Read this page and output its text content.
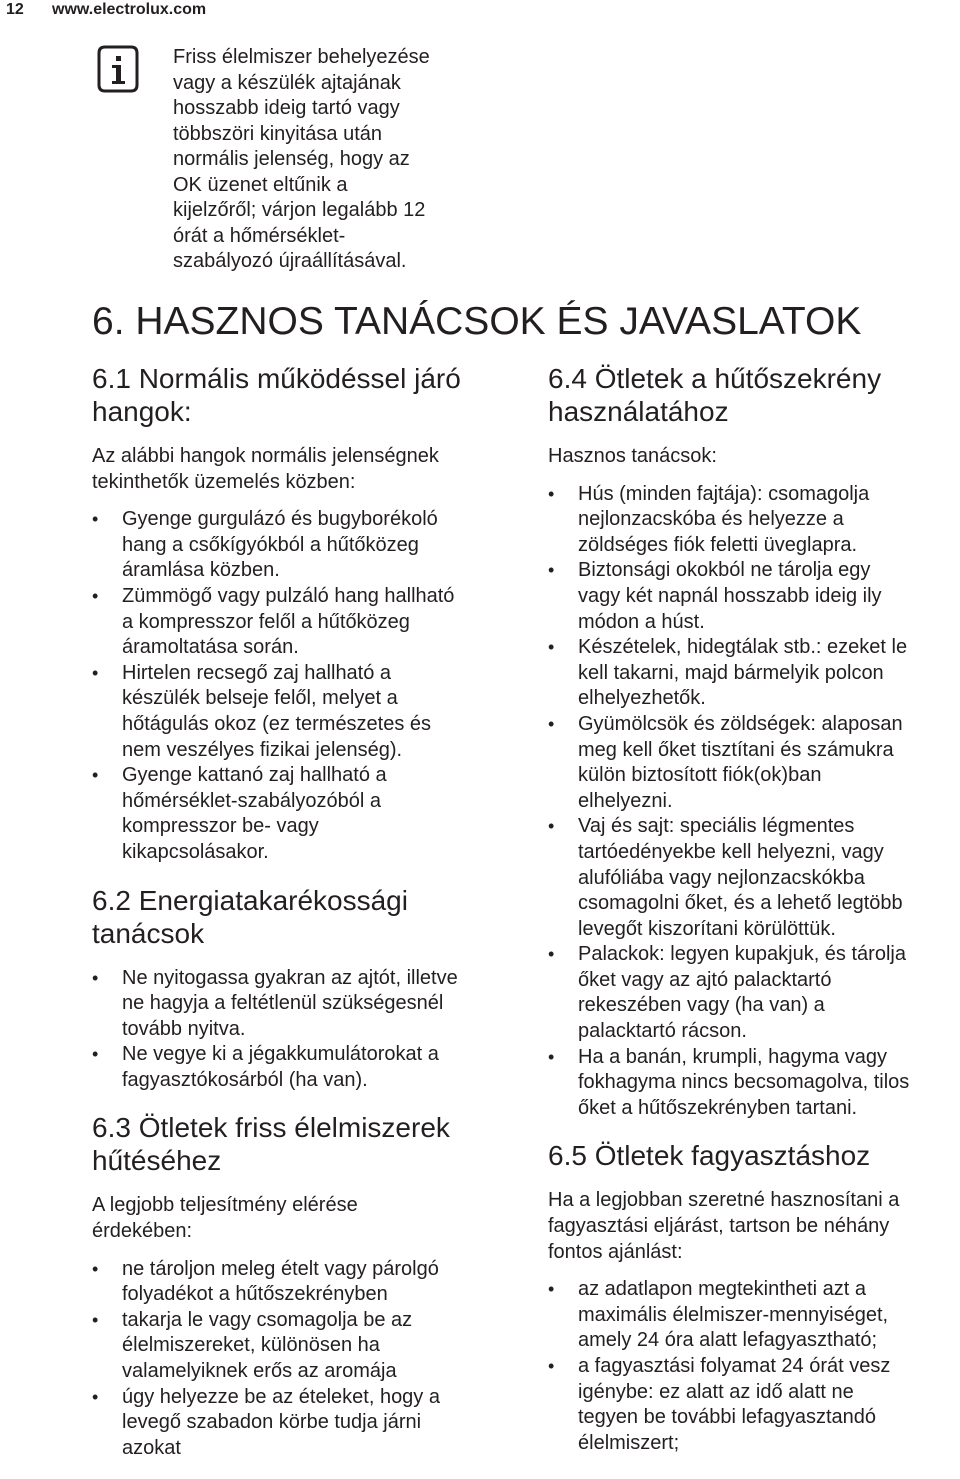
12 www.electrolux.com
Friss élelmiszer behelyezése
vagy a készülék ajtajának
hosszabb ideig tartó vagy
többszöri kinyitása után
normális jelenség, hogy az
OK üzenet eltűnik a
kijelzőről; várjon legalább 12
órát a hőmérséklet-
szabályozó újraállításával.
6. HASZNOS TANÁCSOK ÉS JAVASLATOK
6.1 Normális működéssel járó
hangok:

Az alábbi hangok normális jelenségnek
tekinthetők üzemelés közben:

• Gyenge gurgulázó és bugyborékoló
hang a csőkígyókból a hűtőközeg
áramlása közben.
• Zümmögő vagy pulzáló hang hallható
a kompresszor felől a hűtőközeg
áramoltatása során.
• Hirtelen recsegő zaj hallható a
készülék belseje felől, melyet a
hőtágulás okoz (ez természetes és
nem veszélyes fizikai jelenség).
• Gyenge kattanó zaj hallható a
hőmérséklet-szabályozóból a
kompresszor be- vagy
kikapcsolásakor.
6.2 Energiatakarékossági
tanácsok
• Ne nyitogassa gyakran az ajtót, illetve
ne hagyja a feltétlenül szükségesnél
tovább nyitva.
• Ne vegye ki a jégakkumulátorokat a
fagyasztókosárból (ha van).
6.3 Ötletek friss élelmiszerek
hűtéséhez

A legjobb teljesítmény elérése
érdekében:

• ne tároljon meleg ételt vagy párolgó
folyadékot a hűtőszekrényben
• takarja le vagy csomagolja be az
élelmiszereket, különösen ha
valamelyiknek erős az aromája
• úgy helyezze be az ételeket, hogy a
levegő szabadon körbe tudja járni
azokat
6.4 Ötletek a hűtőszekrény
használatához

Hasznos tanácsok:

• Hús (minden fajtája): csomagolja
nejlonzacskóba és helyezze a
zöldséges fiók feletti üveglapra.
• Biztonsági okokból ne tárolja egy
vagy két napnál hosszabb ideig ily
módon a húst.
• Készételek, hidegtálak stb.: ezeket le
kell takarni, majd bármelyik polcon
elhelyezhetők.
• Gyümölcsök és zöldségek: alaposan
meg kell őket tisztítani és számukra
külön biztosított fiók(ok)ban
elhelyezni.
• Vaj és sajt: speciális légmentes
tartóedényekbe kell helyezni, vagy
alufóliába vagy nejlonzacskókba
csomagolni őket, és a lehető legtöbb
levegőt kiszorítani körülöttük.
• Palackok: legyen kupakjuk, és tárolja
őket vagy az ajtó palacktartó
rekeszében vagy (ha van) a
palacktartó rácson.
• Ha a banán, krumpli, hagyma vagy
fokhagyma nincs becsomagolva, tilos
őket a hűtőszekrényben tartani.
6.5 Ötletek fagyasztáshoz

Ha a legjobban szeretné hasznosítani a
fagyasztási eljárást, tartson be néhány
fontos ajánlást:

• az adatlapon megtekintheti azt a
maximális élelmiszer-mennyiséget,
amely 24 óra alatt lefagyasztható;
• a fagyasztási folyamat 24 órát vesz
igénybe: ez alatt az idő alatt ne
tegyen be további lefagyasztandó
élelmiszert;
